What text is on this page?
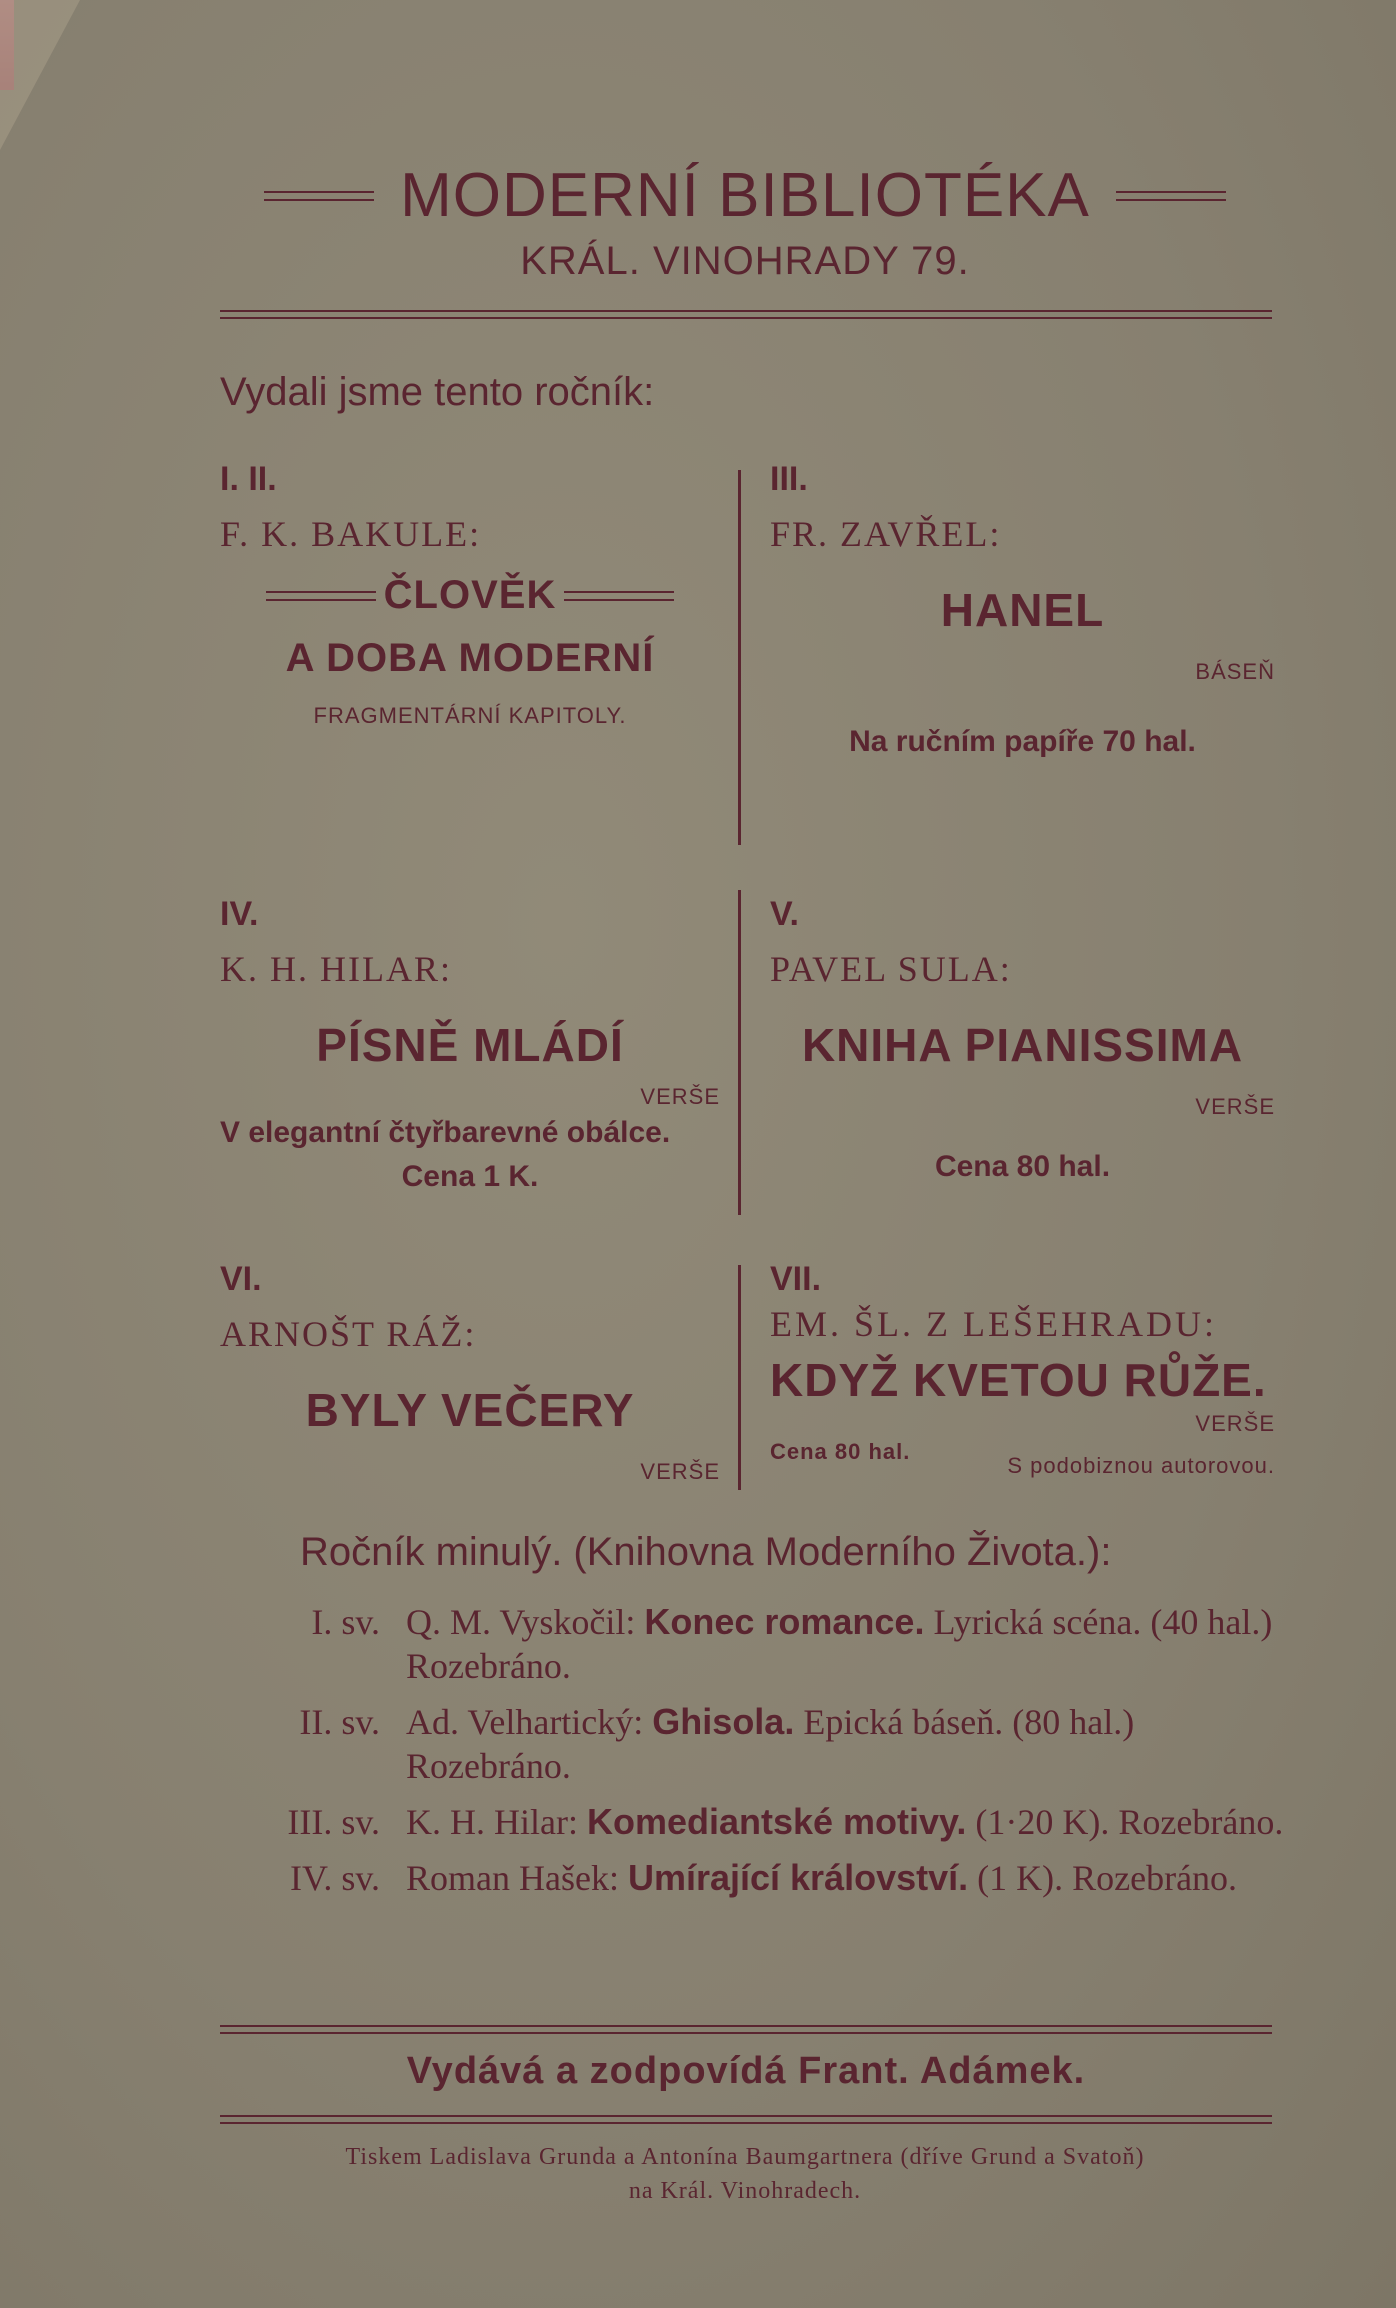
MODERNÍ BIBLIOTÉKA
KRÁL. VINOHRADY 79.
Vydali jsme tento ročník:
I. II.
F. K. BAKULE:
ČLOVĚK
A DOBA MODERNÍ
FRAGMENTÁRNÍ KAPITOLY.
III.
FR. ZAVŘEL:
HANEL
BÁSEŇ
Na ručním papíře 70 hal.
IV.
K. H. HILAR:
PÍSNĚ MLÁDÍ
VERŠE
V elegantní čtyřbarevné obálce.
Cena 1 K.
V.
PAVEL SULA:
KNIHA PIANISSIMA
VERŠE
Cena 80 hal.
VI.
ARNOŠT RÁŽ:
BYLY VEČERY
VERŠE
VII.
EM. ŠL. Z LEŠEHRADU:
KDYŽ KVETOU RŮŽE.
VERŠE
Cena 80 hal.
S podobiznou autorovou.
Ročník minulý. (Knihovna Moderního Života.):
I. sv. Q. M. Vyskočil: Konec romance. Lyrická scéna. (40 hal.) Rozebráno.
II. sv. Ad. Velhartický: Ghisola. Epická báseň. (80 hal.) Rozebráno.
III. sv. K. H. Hilar: Komediantské motivy. (1·20 K). Rozebráno.
IV. sv. Roman Hašek: Umírající království. (1 K). Rozebráno.
Vydává a zodpovídá Frant. Adámek.
Tiskem Ladislava Grunda a Antonína Baumgartnera (dříve Grund a Svatoň)
na Král. Vinohradech.
